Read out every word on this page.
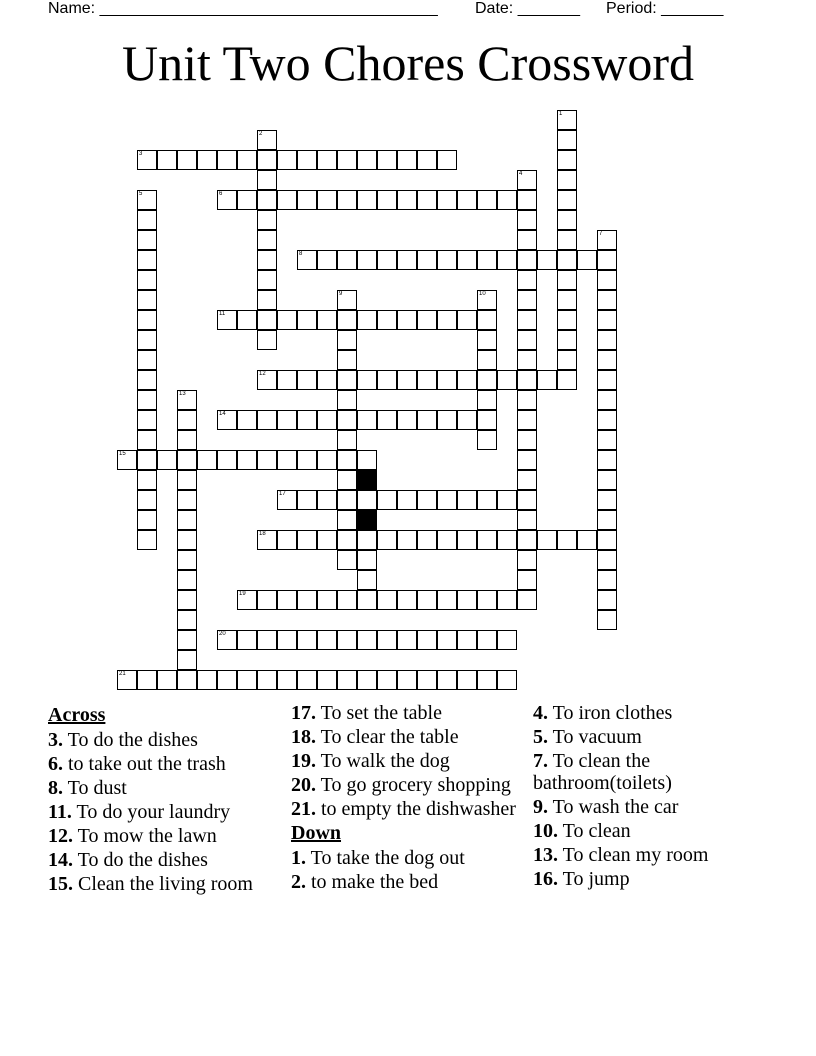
Name: ______________________________________ Date: _______ Period: _______
Unit Two Chores Crossword
1
2
3
4
5	6
7
8
9	10
11
12
13
14
15
17
18
19
20
21
Across
3. To do the dishes
6. to take out the trash
8. To dust
11. To do your laundry
12. To mow the lawn
14. To do the dishes
15. Clean the living room
17. To set the table
18. To clear the table
19. To walk the dog
20. To go grocery shopping
21. to empty the dishwasher
Down
1. To take the dog out
2. to make the bed
4. To iron clothes
5. To vacuum
7. To clean the bathroom(toilets)
9. To wash the car
10. To clean
13. To clean my room
16. To jump
